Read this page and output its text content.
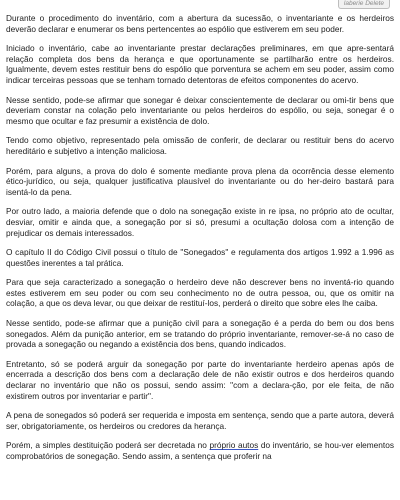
laberie Delete

Durante o procedimento do inventário, com a abertura da sucessão, o inventariante e os herdeiros deverão declarar e enumerar os bens pertencentes ao espólio que estiverem em seu poder.

Iniciado o inventário, cabe ao inventariante prestar declarações preliminares, em que apre-sentará relação completa dos bens da herança e que oportunamente se partilharão entre os herdeiros. Igualmente, devem estes restituir bens do espólio que porventura se achem em seu poder, assim como indicar terceiras pessoas que se tenham tornado detentoras de efeitos componentes do acervo.

Nesse sentido, pode-se afirmar que sonegar é deixar conscientemente de declarar ou omi-tir bens que deveriam constar na colação pelo inventariante ou pelos herdeiros do espólio, ou seja, sonegar é o mesmo que ocultar e faz presumir a existência de dolo.

Tendo como objetivo, representado pela omissão de conferir, de declarar ou restituir bens do acervo hereditário e subjetivo a intenção maliciosa.

Porém, para alguns, a prova do dolo é somente mediante prova plena da ocorrência desse elemento ético-jurídico, ou seja, qualquer justificativa plausível do inventariante ou do her-deiro bastará para isentá-lo da pena.

Por outro lado, a maioria defende que o dolo na sonegação existe in re ipsa, no próprio ato de ocultar, desviar, omitir e ainda que, a sonegação por si só, presumi a ocultação dolosa com a intenção de prejudicar os demais interessados.

O capítulo II do Código Civil possui o título de "Sonegados" e regulamenta dos artigos 1.992 a 1.996 as questões inerentes a tal prática.

Para que seja caracterizado a sonegação o herdeiro deve não descrever bens no inventá-rio quando estes estiverem em seu poder ou com seu conhecimento no de outra pessoa, ou, que os omitir na colação, a que os deva levar, ou que deixar de restituí-los, perderá o direito que sobre eles lhe caiba.

Nesse sentido, pode-se afirmar que a punição civil para a sonegação é a perda do bem ou dos bens sonegados. Além da punição anterior, em se tratando do próprio inventariante, remover-se-á no caso de provada a sonegação ou negando a existência dos bens, quando indicados.

Entretanto, só se poderá arguir da sonegação por parte do inventariante herdeiro apenas após de encerrada a descrição dos bens com a declaração dele de não existir outros e dos herdeiros quando declarar no inventário que não os possui, sendo assim: "com a declara-ção, por ele feita, de não existirem outros por inventariar e partir".

A pena de sonegados só poderá ser requerida e imposta em sentença, sendo que a parte autora, deverá ser, obrigatoriamente, os herdeiros ou credores da herança.

Porém, a simples destituição poderá ser decretada no próprio autos do inventário, se hou-ver elementos comprobatórios de sonegação. Sendo assim, a sentença que proferir na
